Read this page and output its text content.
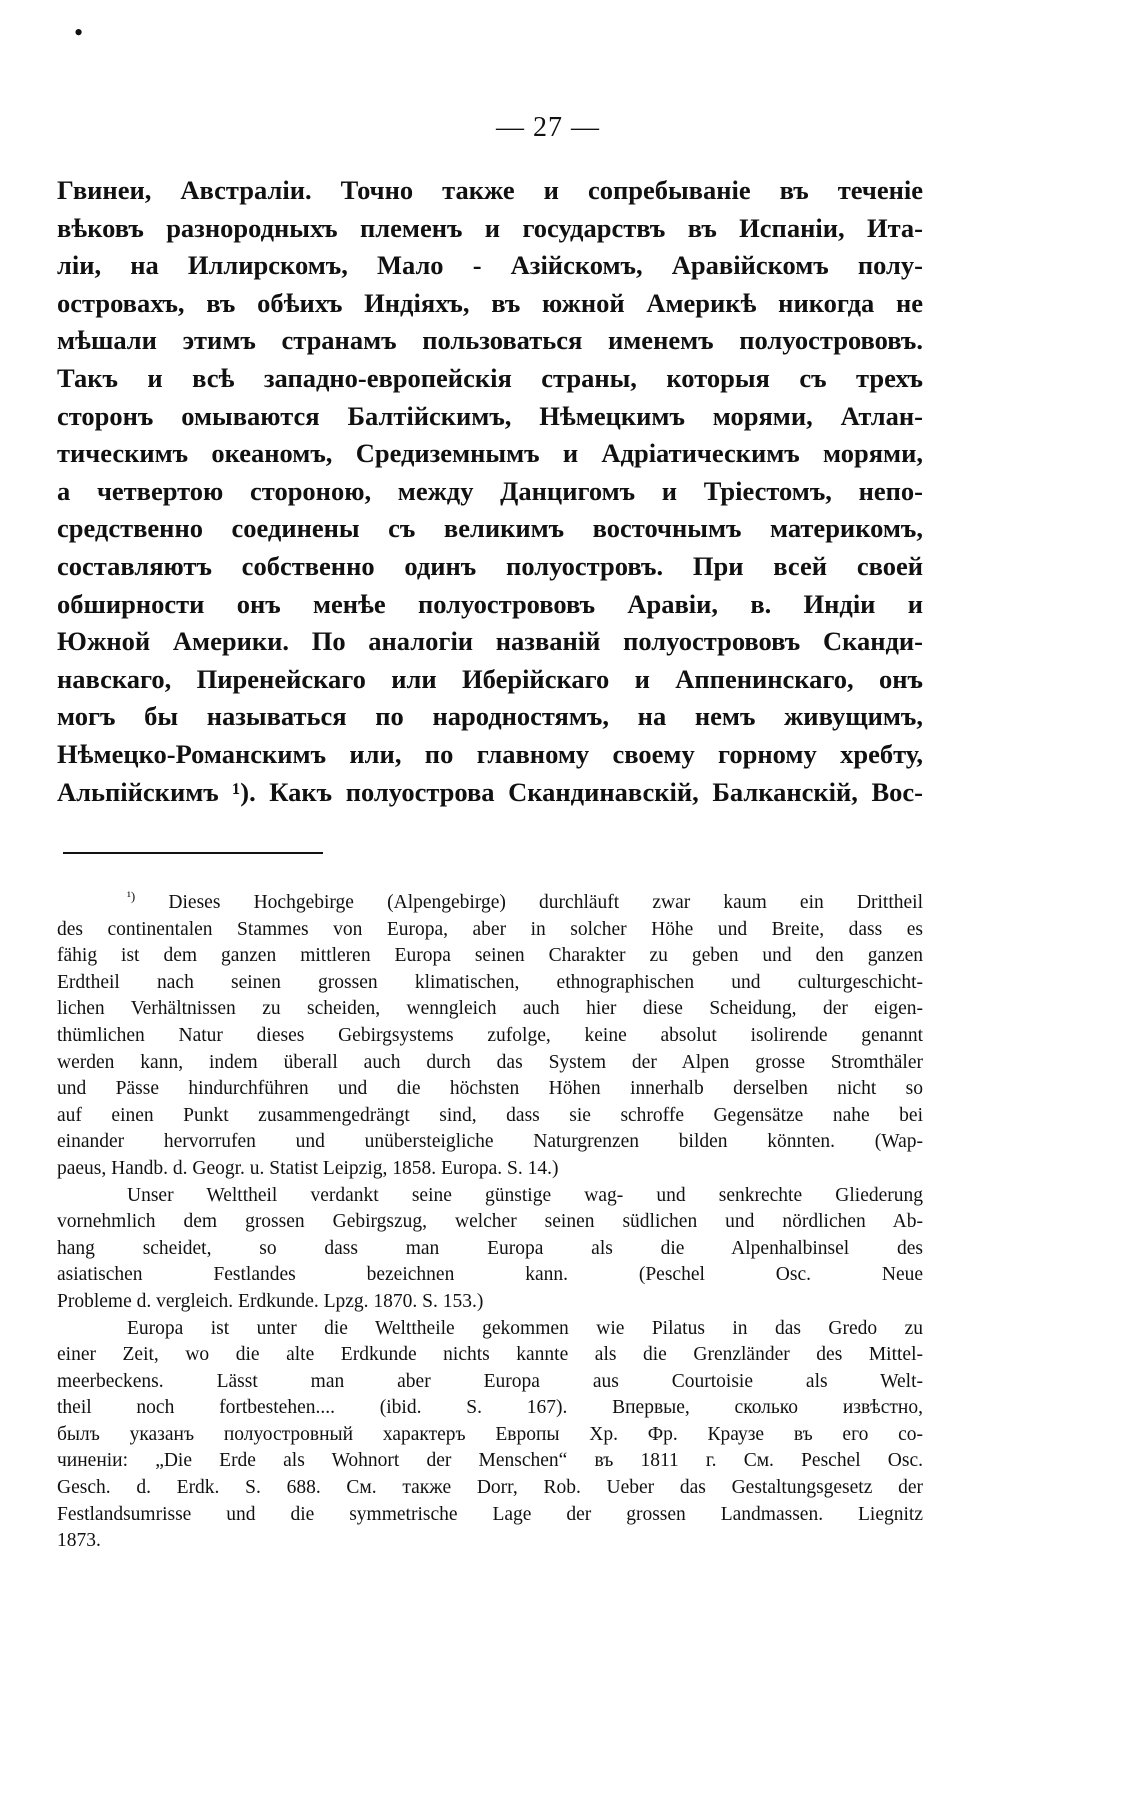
•
— 27 —
Гвинеи, Австраліи. Точно также и сопребываніе въ теченіе
вѣковъ разнородныхъ племенъ и государствъ въ Испаніи, Ита-
ліи, на Иллирскомъ, Мало - Азійскомъ, Аравійскомъ полу-
островахъ, въ обѣихъ Индіяхъ, въ южной Америкѣ никогда не
мѣшали этимъ странамъ пользоваться именемъ полуострововъ.
Такъ и всѣ западно-европейскія страны, которыя съ трехъ
сторонъ омываются Балтійскимъ, Нѣмецкимъ морями, Атлан-
тическимъ океаномъ, Средиземнымъ и Адріатическимъ морями,
а четвертою стороною, между Данцигомъ и Тріестомъ, непо-
средственно соединены съ великимъ восточнымъ материкомъ,
составляютъ собственно одинъ полуостровъ. При всей своей
обширности онъ менѣе полуострововъ Аравіи, в. Индіи и
Южной Америки. По аналогіи названій полуострововъ Сканди-
навскаго, Пиренейскаго или Иберійскаго и Аппенинскаго, онъ
могъ бы называться по народностямъ, на немъ живущимъ,
Нѣмецко-Романскимъ или, по главному своему горному хребту,
Альпійскимъ ¹). Какъ полуострова Скандинавскій, Балканскій, Вос-
$^{^1)}$ Dieses Hochgebirge (Alpengebirge) durchläuft zwar kaum ein Drittheil
des continentalen Stammes von Europa, aber in solcher Höhe und Breite, dass es
fähig ist dem ganzen mittleren Europa seinen Charakter zu geben und den ganzen
Erdtheil nach seinen grossen klimatischen, ethnographischen und culturgeschicht-
lichen Verhältnissen zu scheiden, wenngleich auch hier diese Scheidung, der eigen-
thümlichen Natur dieses Gebirgsystems zufolge, keine absolut isolirende genannt
werden kann, indem überall auch durch das System der Alpen grosse Stromthäler
und Pässe hindurchführen und die höchsten Höhen innerhalb derselben nicht so
auf einen Punkt zusammengedrängt sind, dass sie schroffe Gegensätze nahe bei
einander hervorrufen und unübersteigliche Naturgrenzen bilden könnten. (Wap-
paeus, Handb. d. Geogr. u. Statist Leipzig, 1858. Europa. S. 14.)
Unser Welttheil verdankt seine günstige wag- und senkrechte Gliederung
vornehmlich dem grossen Gebirgszug, welcher seinen südlichen und nördlichen Ab-
hang scheidet, so dass man Europa als die Alpenhalbinsel des
asiatischen Festlandes bezeichnen kann. (Peschel Osc. Neue
Probleme d. vergleich. Erdkunde. Lpzg. 1870. S. 153.)
Europa ist unter die Welttheile gekommen wie Pilatus in das Gredo zu
einer Zeit, wo die alte Erdkunde nichts kannte als die Grenzländer des Mittel-
meerbeckens. Lässt man aber Europa aus Courtoisie als Welt-
theil noch fortbestehen.... (ibid. S. 167). Впервые, сколько извѣстно,
былъ указанъ полуостровный характеръ Европы Хр. Фр. Краузе въ его со-
чиненіи: „Die Erde als Wohnort der Menschen“ въ 1811 г. См. Peschel Osc.
Gesch. d. Erdk. S. 688. См. также Dorr, Rob. Ueber das Gestaltungsgesetz der
Festlandsumrisse und die symmetrische Lage der grossen Landmassen. Liegnitz
1873.
